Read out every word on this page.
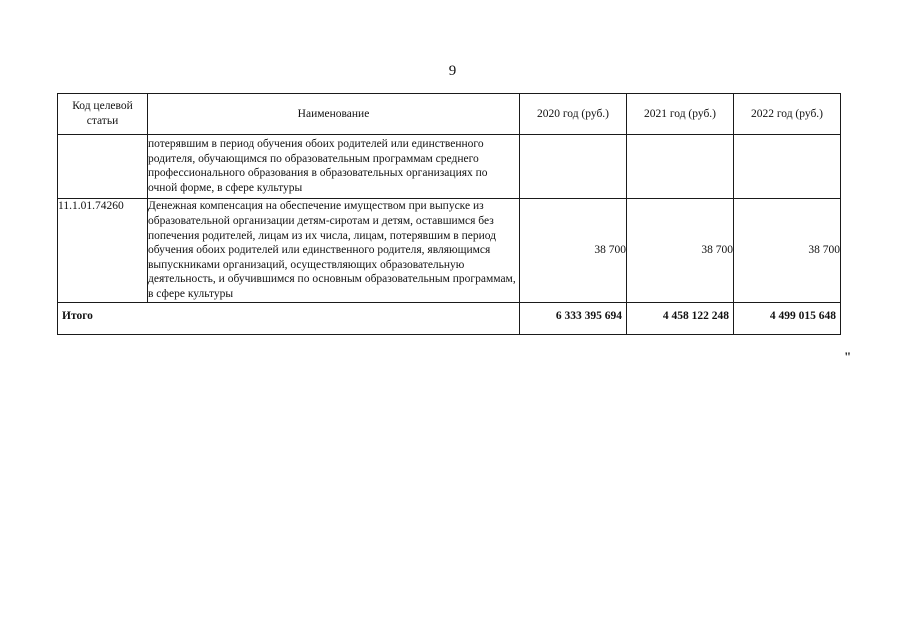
9
Код целевой статьи	Наименование	2020 год (руб.)	2021 год (руб.)	2022 год (руб.)
	потерявшим в период обучения обоих родителей или единственного родителя, обучающимся по образовательным программам среднего профессионального образования в образовательных организациях по очной форме, в сфере культуры			
11.1.01.74260	Денежная компенсация на обеспечение имуществом при выпуске из образовательной организации детям-сиротам и детям, оставшимся без попечения родителей, лицам из их числа, лицам, потерявшим в период обучения обоих родителей или единственного родителя, являющимся выпускниками организаций, осуществляющих образовательную деятельность, и обучившимся по основным образовательным программам, в сфере культуры	38 700	38 700	38 700
Итого		6 333 395 694	4 458 122 248	4 499 015 648
"
